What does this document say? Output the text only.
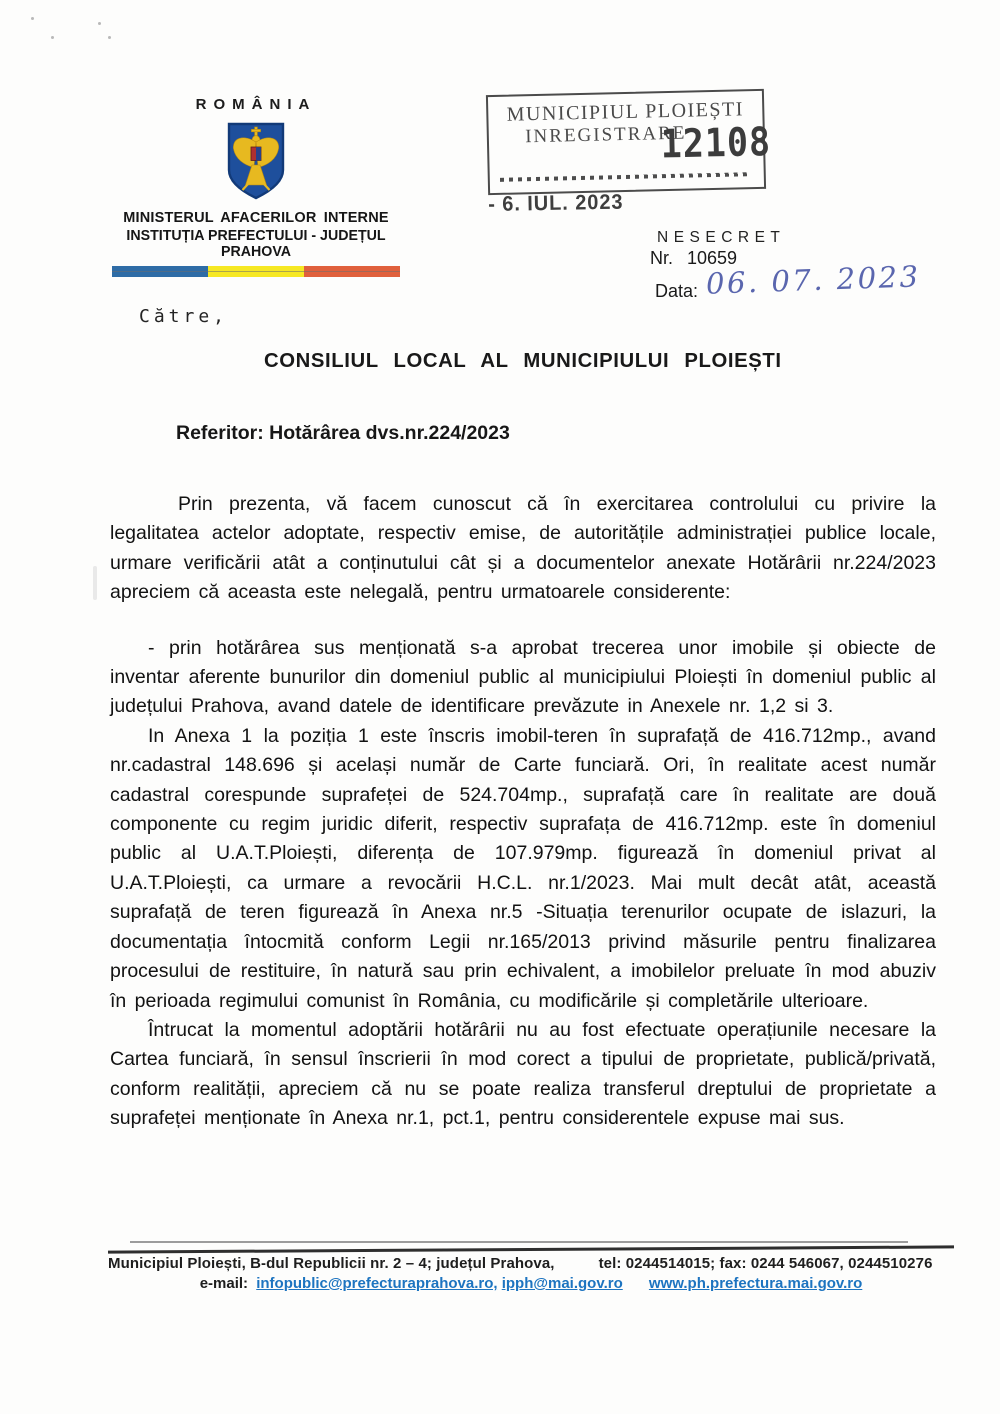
ROMÂNIA
MINISTERUL AFACERILOR INTERNE
INSTITUȚIA PREFECTULUI - JUDEȚUL PRAHOVA
MUNICIPIUL PLOIEȘTI
INREGISTRARE
12108
- 6. IUL. 2023
NESECRET
Nr. 10659
Data: 06. 07. 2023
Către,
CONSILIUL LOCAL AL MUNICIPIULUI PLOIEȘTI
Referitor: Hotărârea dvs.nr.224/2023

Prin prezenta, vă facem cunoscut că în exercitarea controlului cu privire la legalitatea actelor adoptate, respectiv emise, de autoritățile administrației publice locale, urmare verificării atât a conținutului cât și a documentelor anexate Hotărârii nr.224/2023 apreciem că aceasta este nelegală, pentru urmatoarele considerente:

- prin hotărârea sus menționată s-a aprobat trecerea unor imobile și obiecte de inventar aferente bunurilor din domeniul public al municipiului Ploiești în domeniul public al județului Prahova, avand datele de identificare prevăzute in Anexele nr. 1,2 si 3.

In Anexa 1 la poziția 1 este înscris imobil-teren în suprafață de 416.712mp., avand nr.cadastral 148.696 și același număr de Carte funciară. Ori, în realitate acest număr cadastral corespunde suprafeței de 524.704mp., suprafață care în realitate are două componente cu regim juridic diferit, respectiv suprafața de 416.712mp. este în domeniul public al U.A.T.Ploiești, diferența de 107.979mp. figurează în domeniul privat al U.A.T.Ploiești, ca urmare a revocării H.C.L. nr.1/2023. Mai mult decât atât, această suprafață de teren figurează în Anexa nr.5 -Situația terenurilor ocupate de islazuri, la documentația întocmită conform Legii nr.165/2013 privind măsurile pentru finalizarea procesului de restituire, în natură sau prin echivalent, a imobilelor preluate în mod abuziv în perioada regimului comunist în România, cu modificările și completările ulterioare.

Întrucat la momentul adoptării hotărârii nu au fost efectuate operațiunile necesare la Cartea funciară, în sensul înscrierii în mod corect a tipului de proprietate, publică/privată, conform realității, apreciem că nu se poate realiza transferul dreptului de proprietate a suprafeței menționate în Anexa nr.1, pct.1, pentru considerentele expuse mai sus.

Municipiul Ploiești, B-dul Republicii nr. 2 – 4; județul Prahova,	tel: 0244514015; fax: 0244 546067, 0244510276
e-mail: infopublic@prefecturaprahova.ro, ipph@mai.gov.ro www.ph.prefectura.mai.gov.ro
